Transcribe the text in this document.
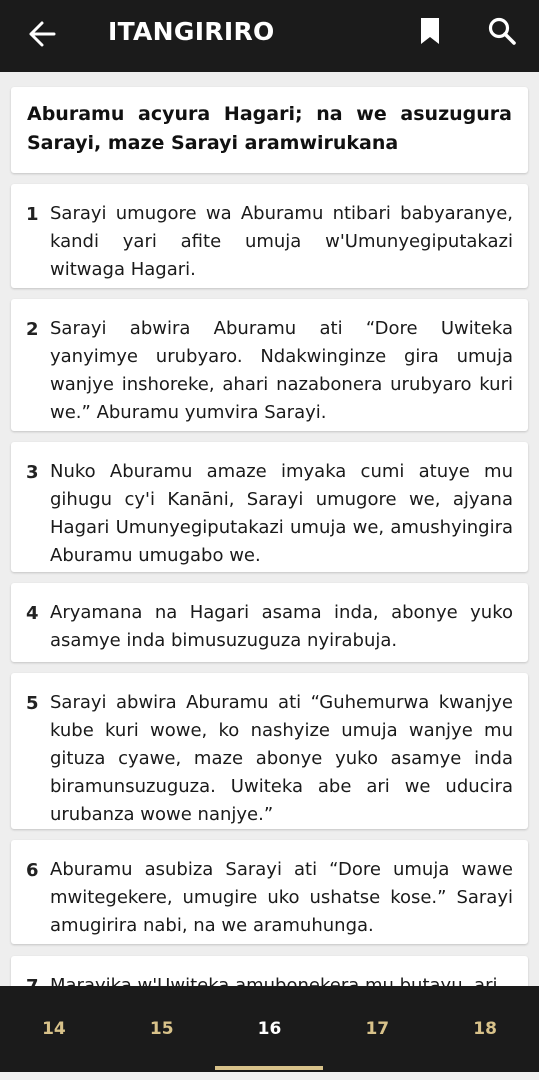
ITANGIRIRO
Aburamu acyura Hagari; na we asuzugura Sarayi, maze Sarayi aramwirukana
1 Sarayi umugore wa Aburamu ntibari babyaranye, kandi yari afite umuja w'Umunyegiputakazi witwaga Hagari.
2 Sarayi abwira Aburamu ati “Dore Uwiteka yanyimye urubyaro. Ndakwinginze gira umuja wanjye inshoreke, ahari nazabonera urubyaro kuri we.” Aburamu yumvira Sarayi.
3 Nuko Aburamu amaze imyaka cumi atuye mu gihugu cy'i Kanāni, Sarayi umugore we, ajyana Hagari Umunyegiputakazi umuja we, amushyingira Aburamu umugabo we.
4 Aryamana na Hagari asama inda, abonye yuko asamye inda bimusuzuguza nyirabuja.
5 Sarayi abwira Aburamu ati “Guhemurwa kwanjye kube kuri wowe, ko nashyize umuja wanjye mu gituza cyawe, maze abonye yuko asamye inda biramunsuzuguza. Uwiteka abe ari we uducira urubanza wowe nanjye.”
6 Aburamu asubiza Sarayi ati “Dore umuja wawe mwitegekere, umugire uko ushatse kose.” Sarayi amugirira nabi, na we aramuhunga.
14	15	16	17	18
